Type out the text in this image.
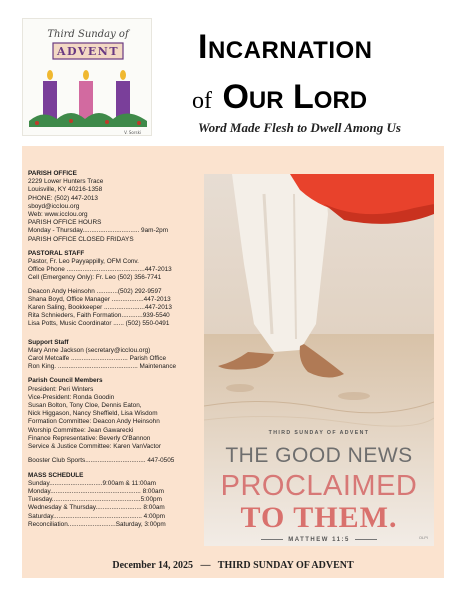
Third Sunday of
ADVENT
V. Sorski
Incarnation
of Our Lord
Word Made Flesh to Dwell Among Us
PARISH OFFICE
2229 Lower Hunters Trace
Louisville, KY 40216-1358
PHONE: (502) 447-2013
sboyd@iccIou.org
Web: www.iccIou.org
PARISH OFFICE HOURS
Monday - Thursday................................ 9am-2pm
PARISH OFFICE CLOSED FRIDAYS
PASTORAL STAFF
Pastor, Fr. Leo Payyappilly, OFM Conv.
Office Phone ............................................447-2013
Cell (Emergency Only): Fr. Leo (502) 356-7741
Deacon Andy Heinsohn ............(502) 292-9597
Shana Boyd, Office Manager ..................447-2013
Karen Saling, Bookkeeper .......................447-2013
Rita Schnieders, Faith Formation............939-5540
Lisa Potts, Music Coordinator ...... (502) 550-0491
Support Staff
Mary Anne Jackson (secretary@iccIou.org)
Carol Metcalfe ................................ Parish Office
Ron King. ............................................. Maintenance
Parish Council Members
President: Peri Winters
Vice-President: Ronda Goodin
Susan Bolton, Tony Cloe, Dennis Eaton,
Nick Higgason, Nancy Sheffield, Lisa Wisdom
Formation Committee: Deacon Andy Heinsohn
Worship Committee: Jean Gawarecki
Finance Representative: Beverly O'Bannon
Service & Justice Committee: Karen VanVactor
Booster Club Sports.................................. 447-0505
MASS SCHEDULE
Sunday..............................9:00am & 11:00am
Monday................................................... 8:00am
Tuesday..................................................5:00pm
Wednesday & Thursday.......................... 8:00am
Saturday.................................................. 4:00pm
Reconciliation...........................Saturday, 3:00pm
THIRD SUNDAY OF ADVENT
THE GOOD NEWS
PROCLAIMED
TO THEM.
MATTHEW 11:5	OLPI
December 14, 2025 — THIRD SUNDAY OF ADVENT
